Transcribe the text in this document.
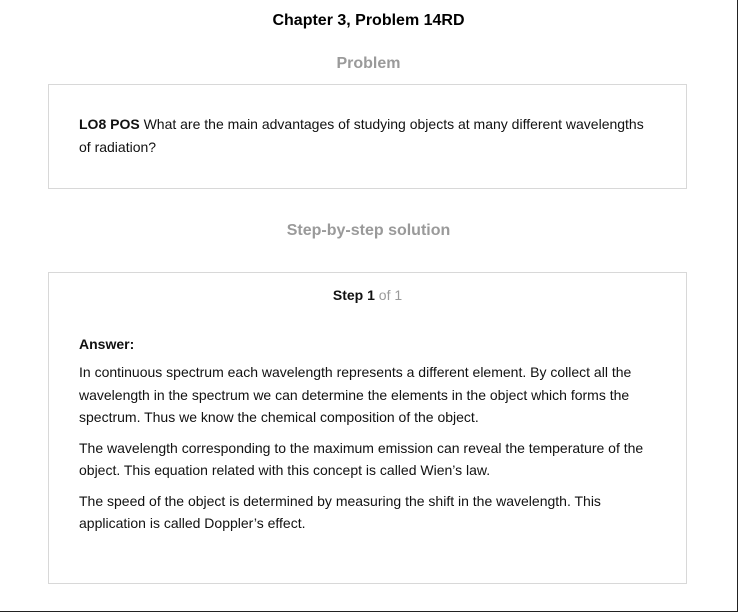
Chapter 3, Problem 14RD
Problem
LO8 POS What are the main advantages of studying objects at many different wavelengths of radiation?
Step-by-step solution
Step 1 of 1
Answer:
In continuous spectrum each wavelength represents a different element. By collect all the wavelength in the spectrum we can determine the elements in the object which forms the spectrum. Thus we know the chemical composition of the object.
The wavelength corresponding to the maximum emission can reveal the temperature of the object. This equation related with this concept is called Wien’s law.
The speed of the object is determined by measuring the shift in the wavelength. This application is called Doppler’s effect.
